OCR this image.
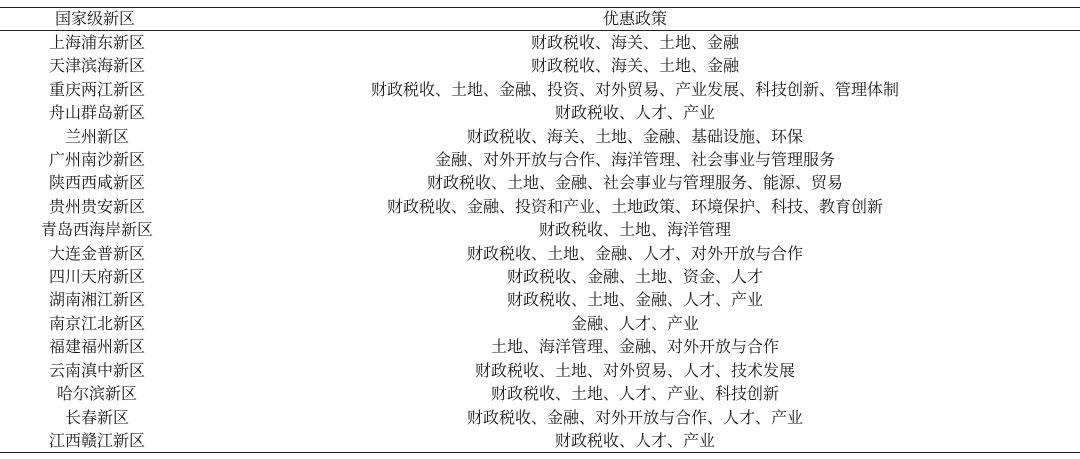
国家级新区	优惠政策
上海浦东新区	财政税收、海关、土地、金融
天津滨海新区	财政税收、海关、土地、金融
重庆两江新区	财政税收、土地、金融、投资、对外贸易、产业发展、科技创新、管理体制
舟山群岛新区	财政税收、人才、产业
兰州新区	财政税收、海关、土地、金融、基础设施、环保
广州南沙新区	金融、对外开放与合作、海洋管理、社会事业与管理服务
陕西西咸新区	财政税收、土地、金融、社会事业与管理服务、能源、贸易
贵州贵安新区	财政税收、金融、投资和产业、土地政策、环境保护、科技、教育创新
青岛西海岸新区	财政税收、土地、海洋管理
大连金普新区	财政税收、土地、金融、人才、对外开放与合作
四川天府新区	财政税收、金融、土地、资金、人才
湖南湘江新区	财政税收、土地、金融、人才、产业
南京江北新区	金融、人才、产业
福建福州新区	土地、海洋管理、金融、对外开放与合作
云南滇中新区	财政税收、土地、对外贸易、人才、技术发展
哈尔滨新区	财政税收、土地、人才、产业、科技创新
长春新区	财政税收、金融、对外开放与合作、人才、产业
江西赣江新区	财政税收、人才、产业
